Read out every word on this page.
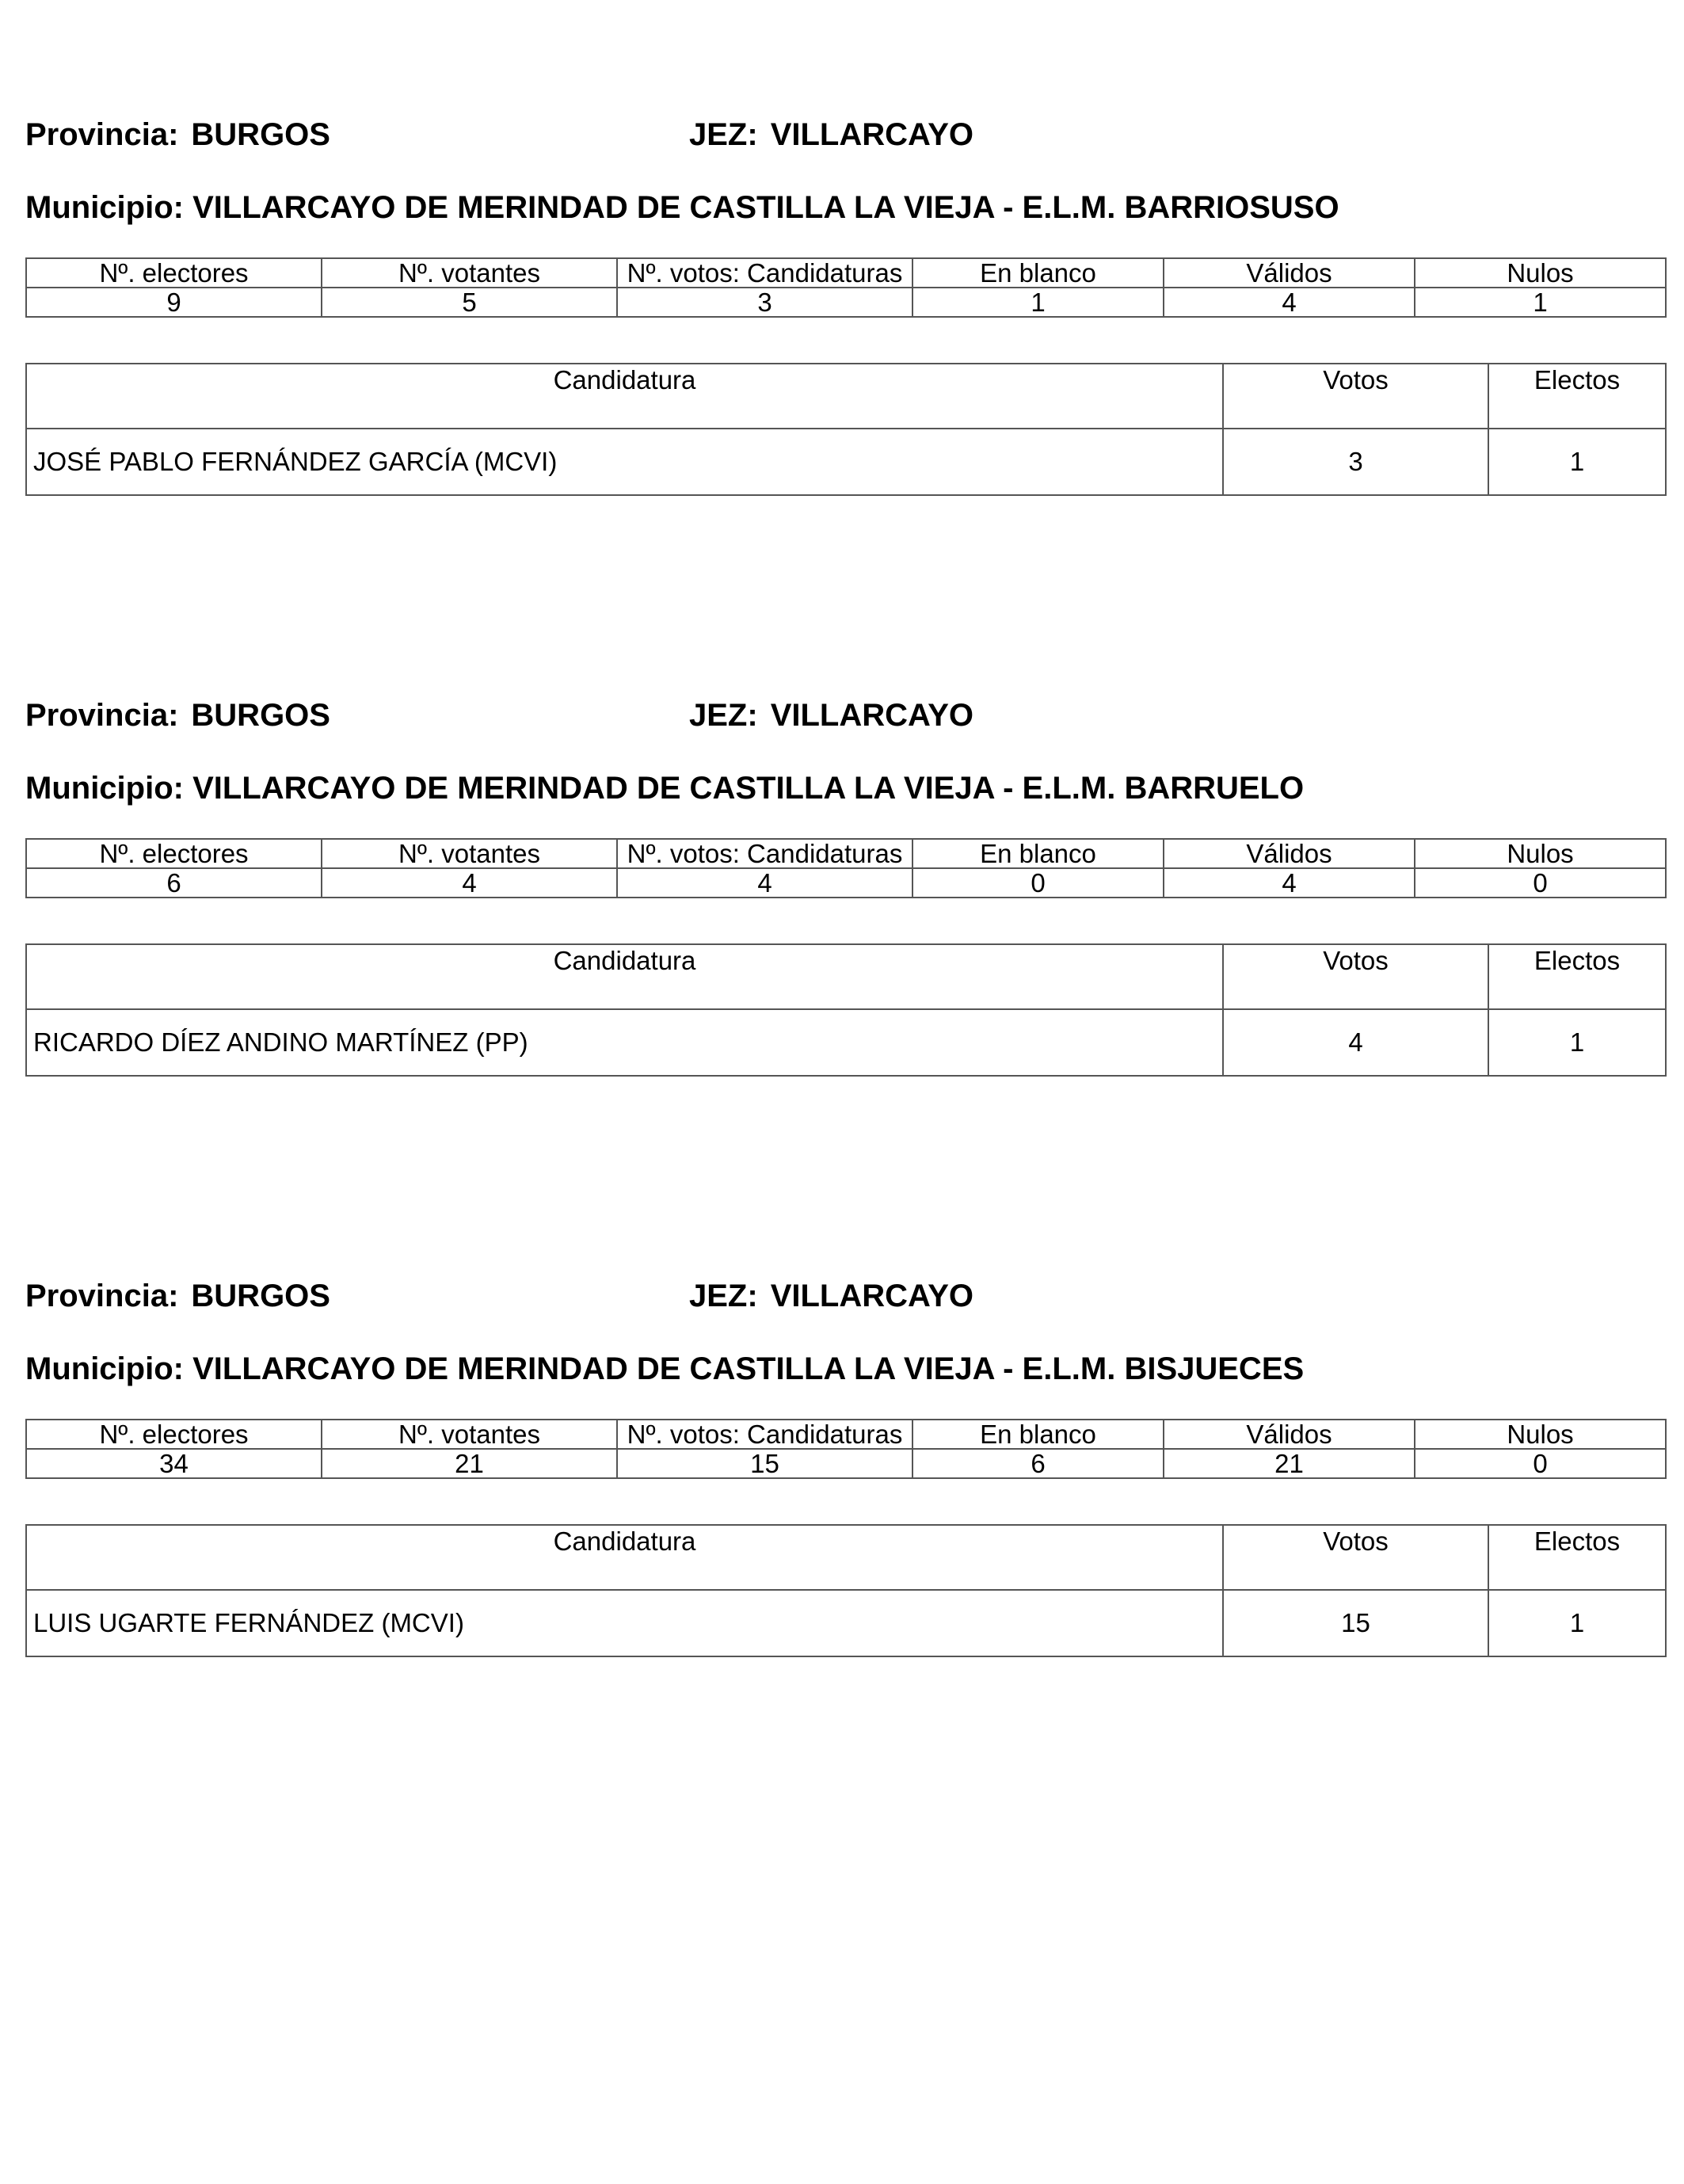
Provincia: BURGOS	JEZ: VILLARCAYO
Municipio: VILLARCAYO DE MERINDAD DE CASTILLA LA VIEJA - E.L.M. BARRIOSUSO
Nº. electores	Nº. votantes	Nº. votos: Candidaturas	En blanco	Válidos	Nulos
9	5	3	1	4	1
Candidatura	Votos	Electos
JOSÉ PABLO FERNÁNDEZ GARCÍA (MCVI)	3	1
Provincia: BURGOS	JEZ: VILLARCAYO
Municipio: VILLARCAYO DE MERINDAD DE CASTILLA LA VIEJA - E.L.M. BARRUELO
Nº. electores	Nº. votantes	Nº. votos: Candidaturas	En blanco	Válidos	Nulos
6	4	4	0	4	0
Candidatura	Votos	Electos
RICARDO DÍEZ ANDINO MARTÍNEZ (PP)	4	1
Provincia: BURGOS	JEZ: VILLARCAYO
Municipio: VILLARCAYO DE MERINDAD DE CASTILLA LA VIEJA - E.L.M. BISJUECES
Nº. electores	Nº. votantes	Nº. votos: Candidaturas	En blanco	Válidos	Nulos
34	21	15	6	21	0
Candidatura	Votos	Electos
LUIS UGARTE FERNÁNDEZ (MCVI)	15	1
